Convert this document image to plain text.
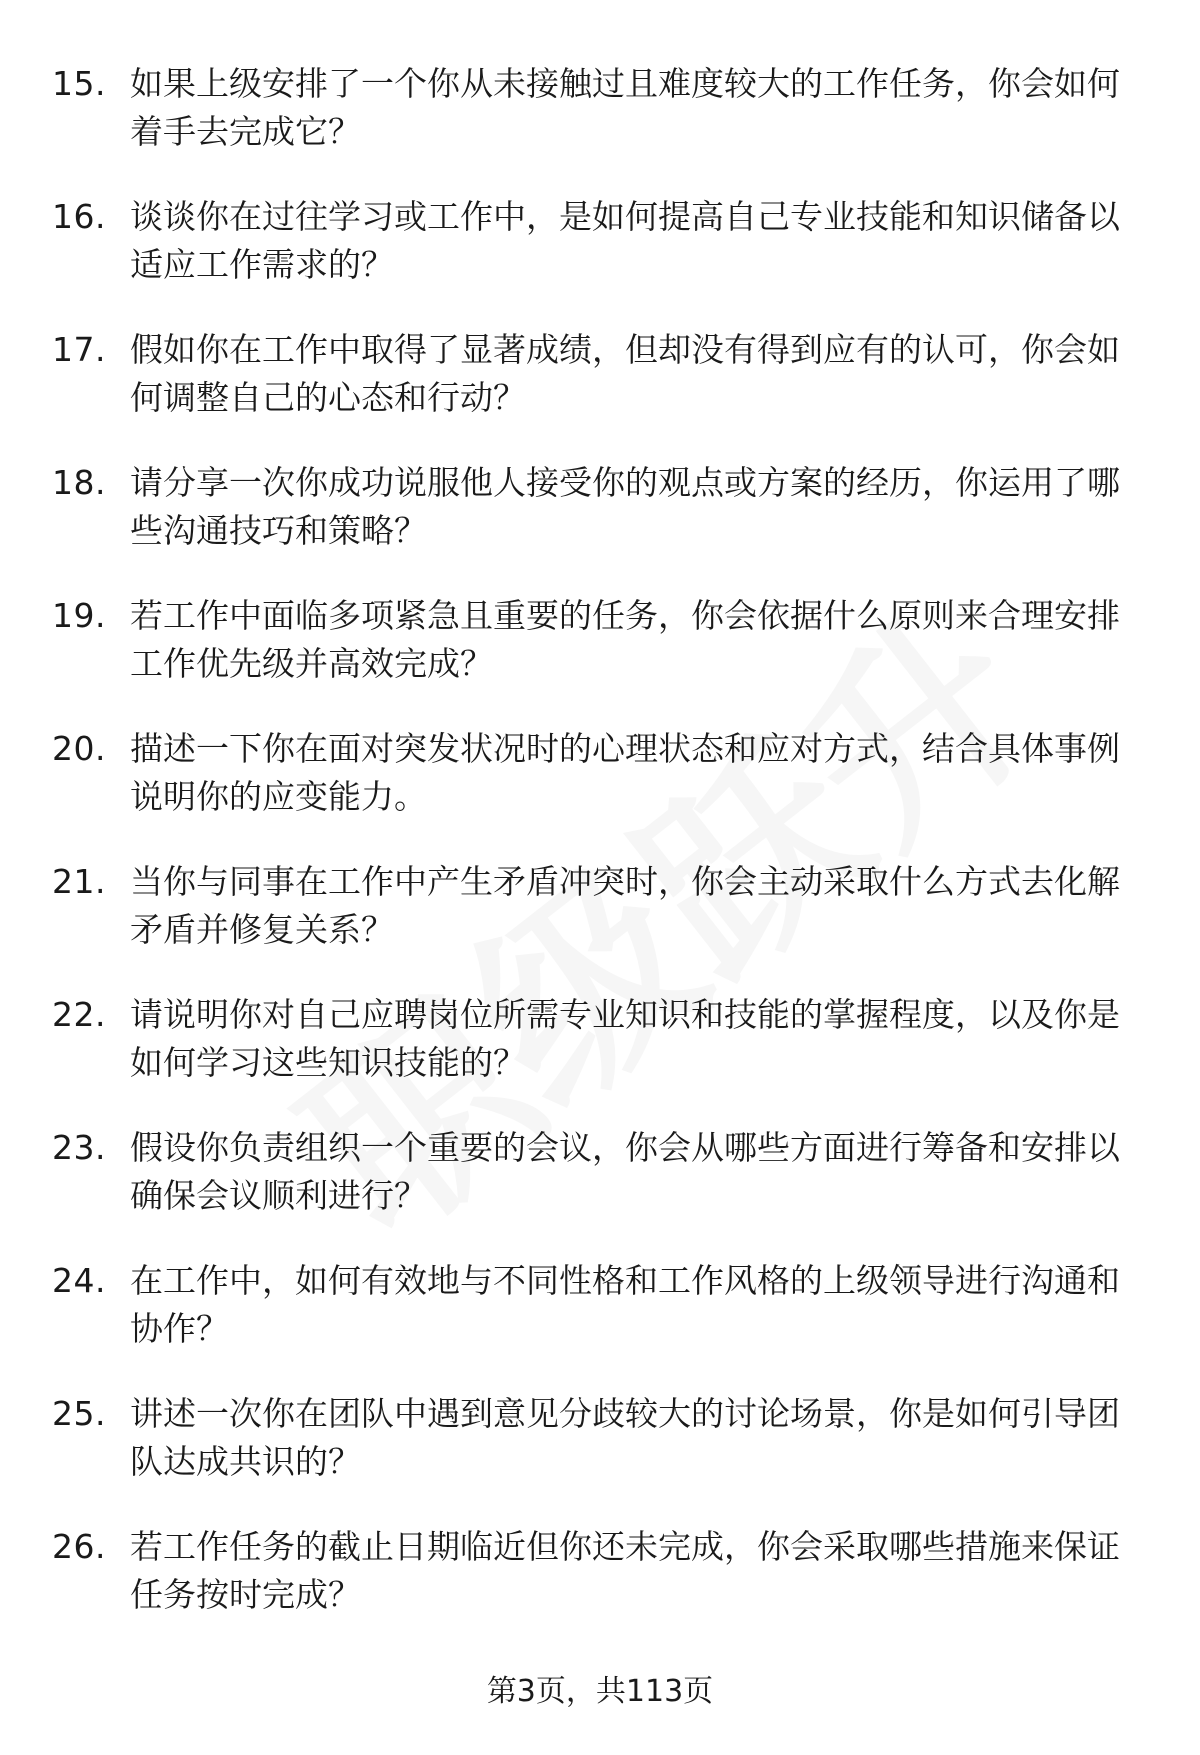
15. 如果上级安排了一个你从未接触过且难度较大的工作任务，你会如何着手去完成它？
16. 谈谈你在过往学习或工作中，是如何提高自己专业技能和知识储备以适应工作需求的？
17. 假如你在工作中取得了显著成绩，但却没有得到应有的认可，你会如何调整自己的心态和行动？
18. 请分享一次你成功说服他人接受你的观点或方案的经历，你运用了哪些沟通技巧和策略？
19. 若工作中面临多项紧急且重要的任务，你会依据什么原则来合理安排工作优先级并高效完成？
20. 描述一下你在面对突发状况时的心理状态和应对方式，结合具体事例说明你的应变能力。
21. 当你与同事在工作中产生矛盾冲突时，你会主动采取什么方式去化解矛盾并修复关系？
22. 请说明你对自己应聘岗位所需专业知识和技能的掌握程度，以及你是如何学习这些知识技能的？
23. 假设你负责组织一个重要的会议，你会从哪些方面进行筹备和安排以确保会议顺利进行？
24. 在工作中，如何有效地与不同性格和工作风格的上级领导进行沟通和协作？
25. 讲述一次你在团队中遇到意见分歧较大的讨论场景，你是如何引导团队达成共识的？
26. 若工作任务的截止日期临近但你还未完成，你会采取哪些措施来保证任务按时完成？
第3页，共113页
